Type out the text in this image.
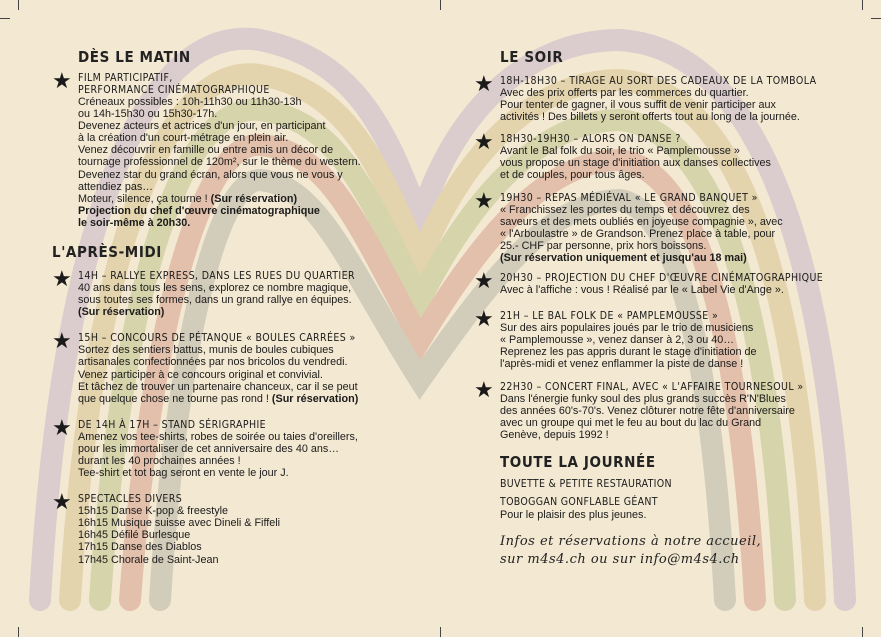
DÈS LE MATIN
★ FILM PARTICIPATIF,
PERFORMANCE CINÉMATOGRAPHIQUE
Créneaux possibles : 10h-11h30 ou 11h30-13h
ou 14h-15h30 ou 15h30-17h.
Devenez acteurs et actrices d'un jour, en participant
à la création d'un court-métrage en plein air.
Venez découvrir en famille ou entre amis un décor de
tournage professionnel de 120m², sur le thème du western.
Devenez star du grand écran, alors que vous ne vous y
attendiez pas…
Moteur, silence, ça tourne ! (Sur réservation)
Projection du chef d'œuvre cinématographique
le soir-même à 20h30.
L'APRÈS-MIDI
★ 14H – RALLYE EXPRESS, DANS LES RUES DU QUARTIER
40 ans dans tous les sens, explorez ce nombre magique,
sous toutes ses formes, dans un grand rallye en équipes.
(Sur réservation)
★ 15H – CONCOURS DE PÉTANQUE « BOULES CARRÉES »
Sortez des sentiers battus, munis de boules cubiques
artisanales confectionnées par nos bricolos du vendredi.
Venez participer à ce concours original et convivial.
Et tâchez de trouver un partenaire chanceux, car il se peut
que quelque chose ne tourne pas rond ! (Sur réservation)
★ DE 14H À 17H – STAND SÉRIGRAPHIE
Amenez vos tee-shirts, robes de soirée ou taies d'oreillers,
pour les immortaliser de cet anniversaire des 40 ans…
durant les 40 prochaines années !
Tee-shirt et tot bag seront en vente le jour J.
★ SPECTACLES DIVERS
15h15 Danse K-pop & freestyle
16h15 Musique suisse avec Dineli & Fiffeli
16h45 Défilé Burlesque
17h15 Danse des Diablos
17h45 Chorale de Saint-Jean
LE SOIR
★ 18H-18H30 – TIRAGE AU SORT DES CADEAUX DE LA TOMBOLA
Avec des prix offerts par les commerces du quartier.
Pour tenter de gagner, il vous suffit de venir participer aux
activités ! Des billets y seront offerts tout au long de la journée.
★ 18H30-19H30 – ALORS ON DANSE ?
Avant le Bal folk du soir, le trio « Pamplemousse »
vous propose un stage d'initiation aux danses collectives
et de couples, pour tous âges.
★ 19H30 – REPAS MÉDIÉVAL « LE GRAND BANQUET »
« Franchissez les portes du temps et découvrez des
saveurs et des mets oubliés en joyeuse compagnie », avec
« l'Arboulastre » de Grandson. Prenez place à table, pour
25.- CHF par personne, prix hors boissons.
(Sur réservation uniquement et jusqu'au 18 mai)
★ 20H30 – PROJECTION DU CHEF D'ŒUVRE CINÉMATOGRAPHIQUE
Avec à l'affiche : vous ! Réalisé par le « Label Vie d'Ange ».
★ 21H – LE BAL FOLK DE « PAMPLEMOUSSE »
Sur des airs populaires joués par le trio de musiciens
« Pamplemousse », venez danser à 2, 3 ou 40…
Reprenez les pas appris durant le stage d'initiation de
l'après-midi et venez enflammer la piste de danse !
★ 22H30 – CONCERT FINAL, AVEC « L'AFFAIRE TOURNESOUL »
Dans l'énergie funky soul des plus grands succès R'N'Blues
des années 60's-70's. Venez clôturer notre fête d'anniversaire
avec un groupe qui met le feu au bout du lac du Grand
Genève, depuis 1992 !
TOUTE LA JOURNÉE
BUVETTE & PETITE RESTAURATION
TOBOGGAN GONFLABLE GÉANT
Pour le plaisir des plus jeunes.
Infos et réservations à notre accueil,
sur m4s4.ch ou sur info@m4s4.ch
